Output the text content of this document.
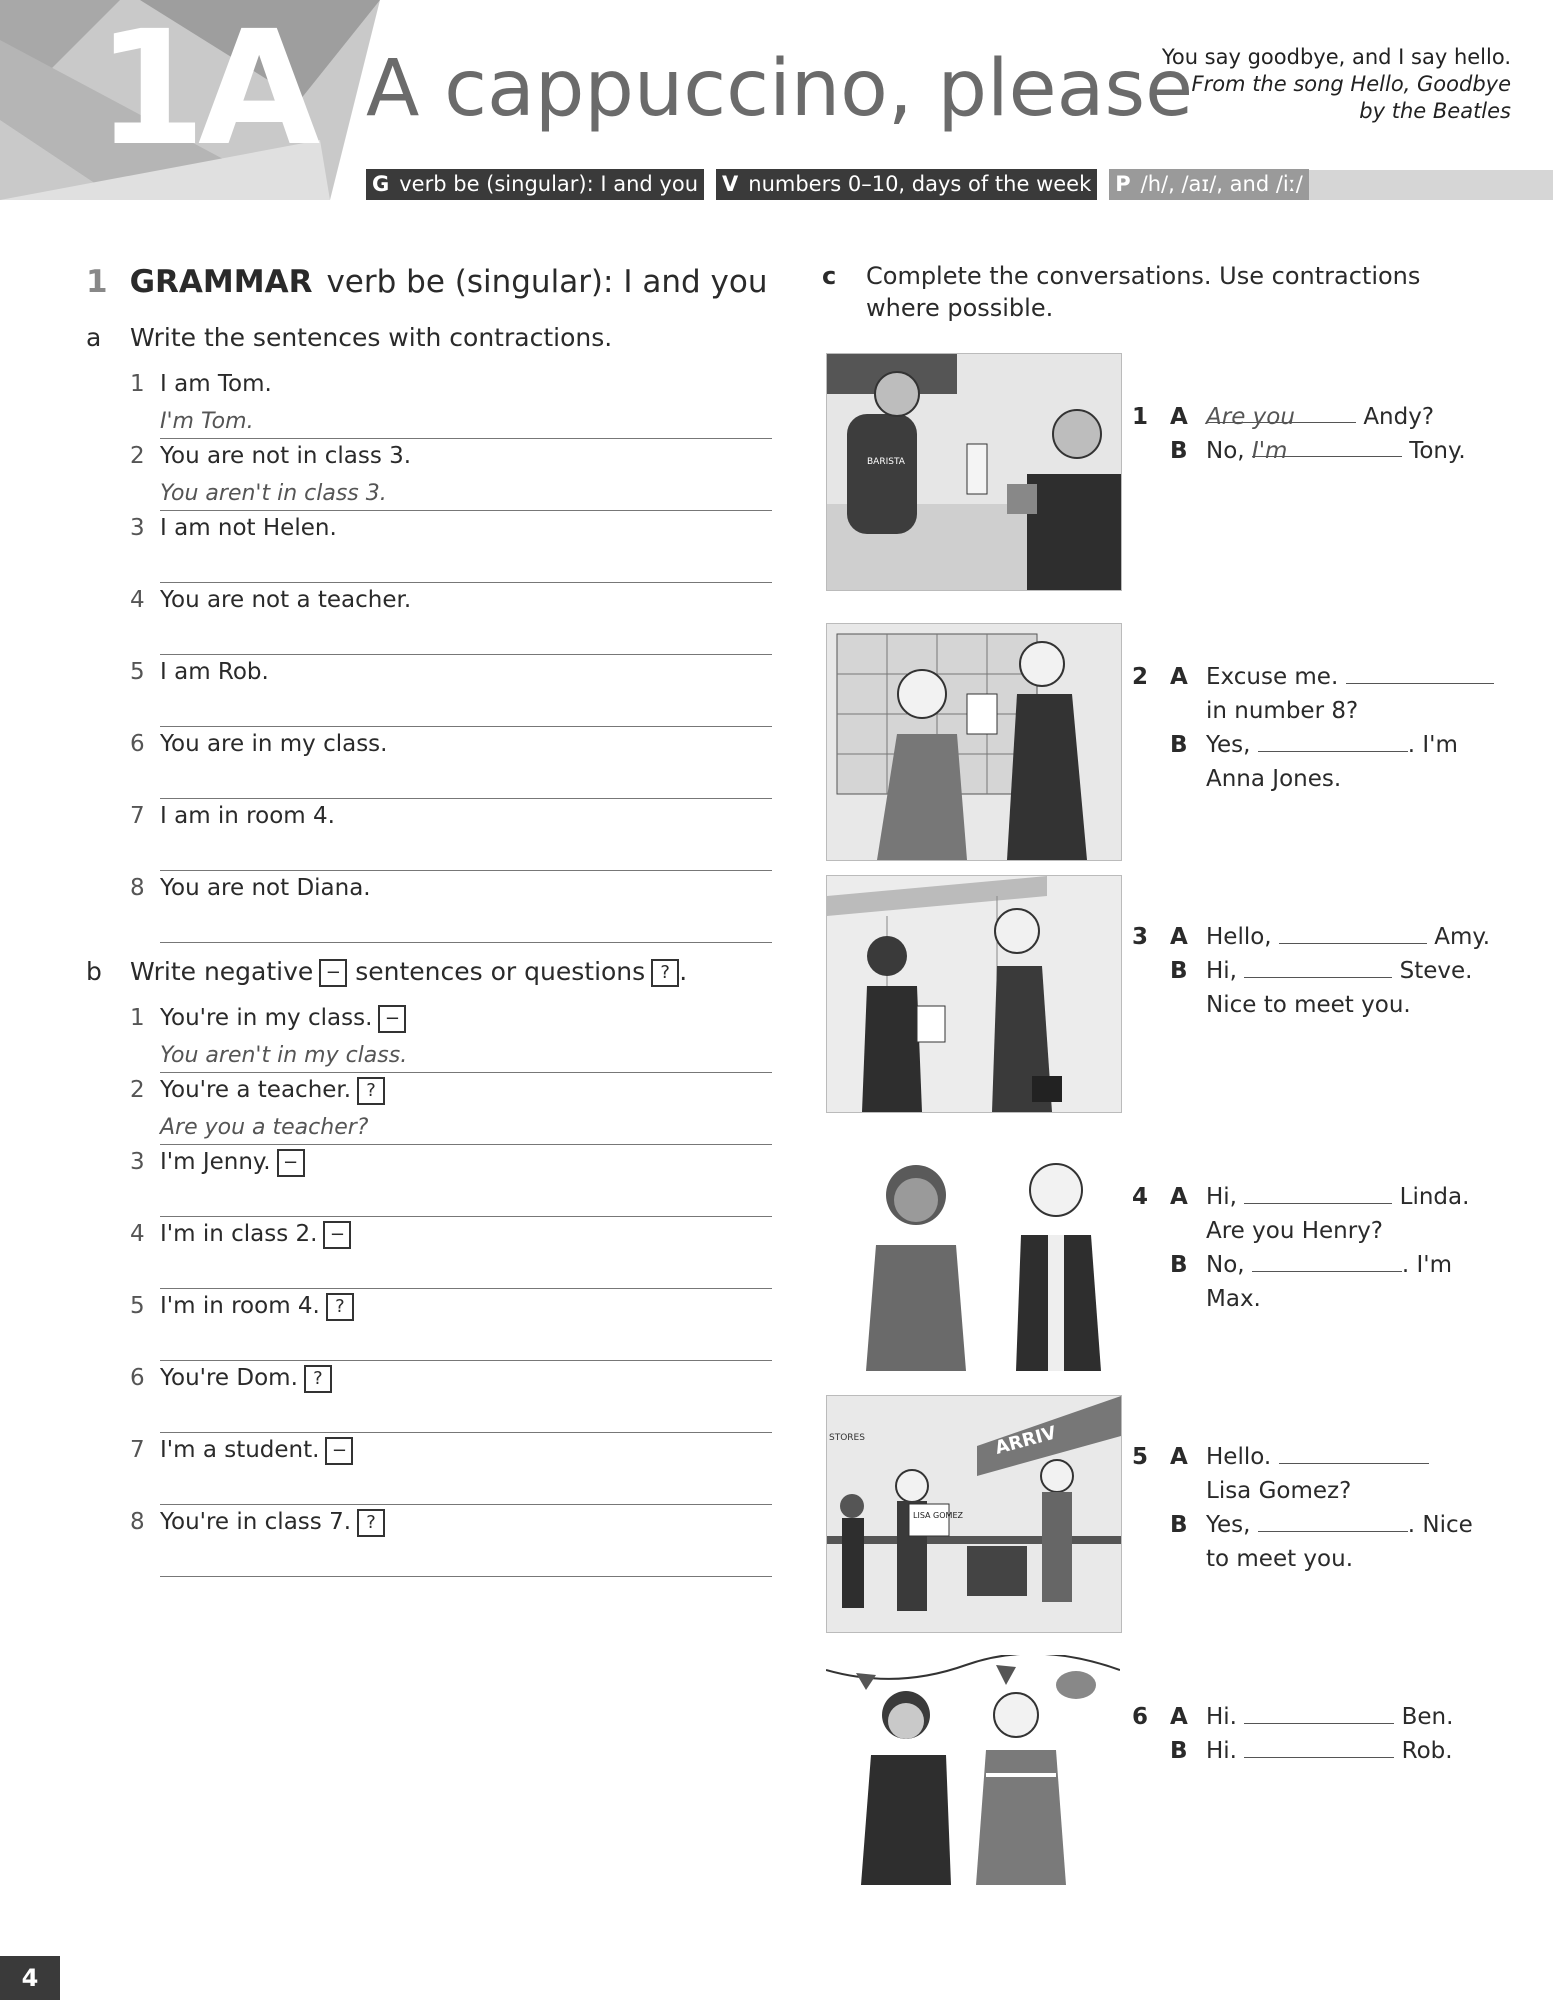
1A A cappuccino, please
You say goodbye, and I say hello.
From the song Hello, Goodbye
by the Beatles
G verb be (singular): I and you V numbers 0–10, days of the week P /h/, /aɪ/, and /iː/
1 GRAMMAR verb be (singular): I and you
a Write the sentences with contractions.
1 I am Tom.
I'm Tom.
2 You are not in class 3.
You aren't in class 3.
3 I am not Helen.
4 You are not a teacher.
5 I am Rob.
6 You are in my class.
7 I am in room 4.
8 You are not Diana.
b Write negative − sentences or questions ? .
1 You're in my class. −
You aren't in my class.
2 You're a teacher. ?
Are you a teacher?
3 I'm Jenny. −
4 I'm in class 2. −
5 I'm in room 4. ?
6 You're Dom. ?
7 I'm a student. −
8 You're in class 7. ?
c Complete the conversations. Use contractions
where possible.
BARISTA
1 A Are you	Andy?
B No, I'm	Tony.
2 A Excuse me.
in number 8?
B Yes,	. I'm
Anna Jones.
3 A Hello,	Amy.
B Hi,	Steve.
Nice to meet you.
4 A Hi,	Linda.
Are you Henry?
B No,	. I'm
Max.
ARRIV
STORES
LISA GOMEZ
5 A Hello.
Lisa Gomez?
B Yes,	. Nice
to meet you.
6 A Hi.	Ben.
B Hi.	Rob.
4
